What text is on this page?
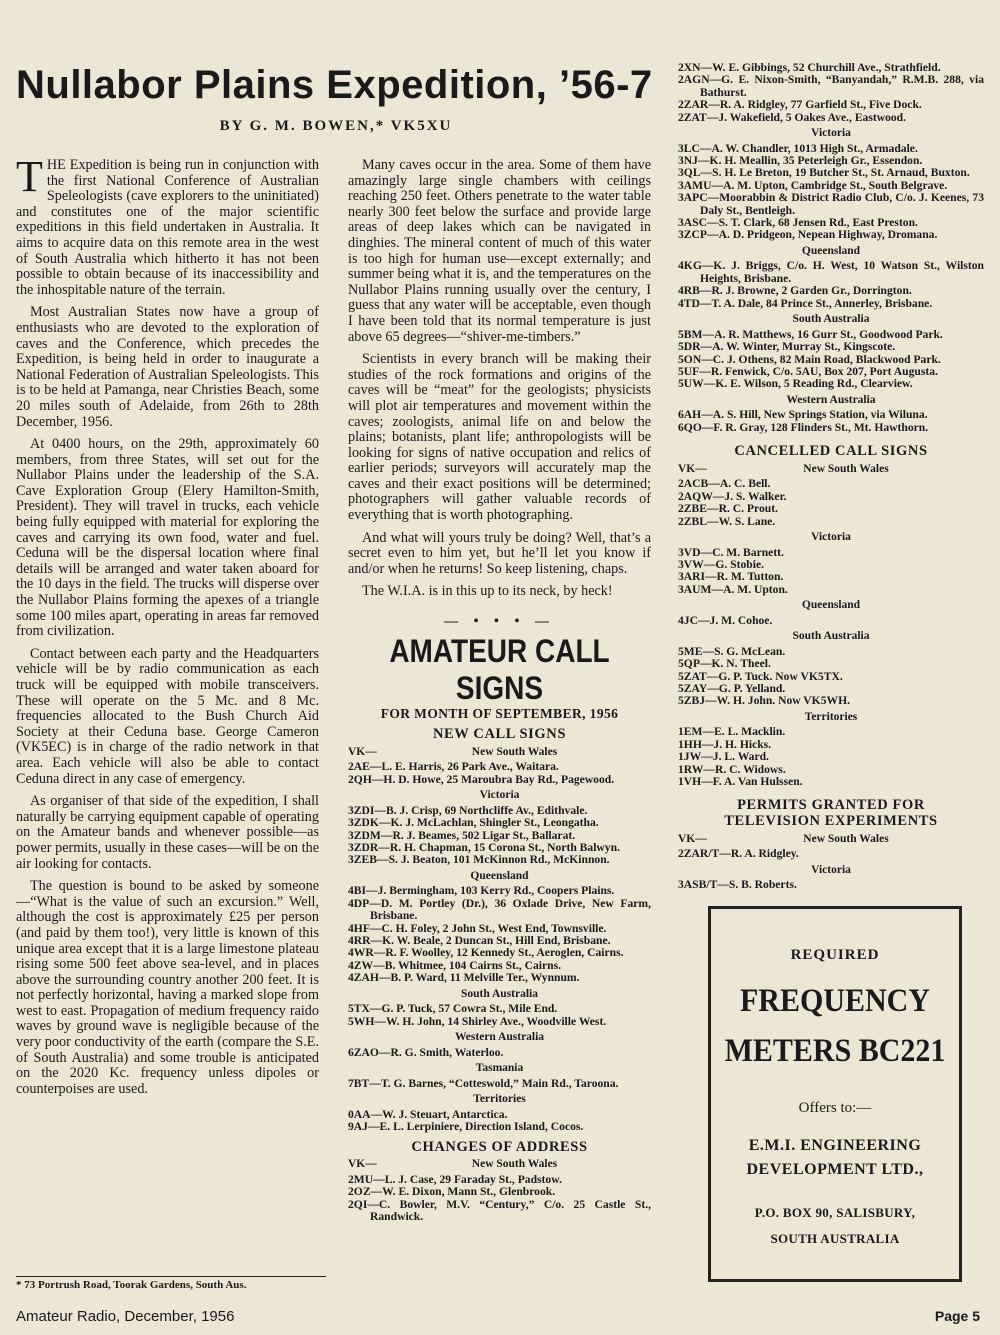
Nullabor Plains Expedition, ’56-7
BY G. M. BOWEN,* VK5XU

THE Expedition is being run in conjunction with the first National Conference of Australian Speleologists (cave explorers to the uninitiated) and constitutes one of the major scientific expeditions in this field undertaken in Australia. It aims to acquire data on this remote area in the west of South Australia which hitherto it has not been possible to obtain because of its inaccessibility and the inhospitable nature of the terrain.

Most Australian States now have a group of enthusiasts who are devoted to the exploration of caves and the Conference, which precedes the Expedition, is being held in order to inaugurate a National Federation of Australian Speleologists. This is to be held at Pamanga, near Christies Beach, some 20 miles south of Adelaide, from 26th to 28th December, 1956.

At 0400 hours, on the 29th, approximately 60 members, from three States, will set out for the Nullabor Plains under the leadership of the S.A. Cave Exploration Group (Elery Hamilton-Smith, President). They will travel in trucks, each vehicle being fully equipped with material for exploring the caves and carrying its own food, water and fuel. Ceduna will be the dispersal location where final details will be arranged and water taken aboard for the 10 days in the field. The trucks will disperse over the Nullabor Plains forming the apexes of a triangle some 100 miles apart, operating in areas far removed from civilization.

Contact between each party and the Headquarters vehicle will be by radio communication as each truck will be equipped with mobile transceivers. These will operate on the 5 Mc. and 8 Mc. frequencies allocated to the Bush Church Aid Society at their Ceduna base. George Cameron (VK5EC) is in charge of the radio network in that area. Each vehicle will also be able to contact Ceduna direct in any case of emergency.

As organiser of that side of the expedition, I shall naturally be carrying equipment capable of operating on the Amateur bands and whenever possible—as power permits, usually in these cases—will be on the air looking for contacts.

The question is bound to be asked by someone—“What is the value of such an excursion.” Well, although the cost is approximately £25 per person (and paid by them too!), very little is known of this unique area except that it is a large limestone plateau rising some 500 feet above sea-level, and in places above the surrounding country another 200 feet. It is not perfectly horizontal, having a marked slope from west to east. Propagation of medium frequency raido waves by ground wave is negligible because of the very poor conductivity of the earth (compare the S.E. of South Australia) and some trouble is anticipated on the 2020 Kc. frequency unless dipoles or counterpoises are used.

* 73 Portrush Road, Toorak Gardens, South Aus.

Many caves occur in the area. Some of them have amazingly large single chambers with ceilings reaching 250 feet. Others penetrate to the water table nearly 300 feet below the surface and provide large areas of deep lakes which can be navigated in dinghies. The mineral content of much of this water is too high for human use—except externally; and summer being what it is, and the temperatures on the Nullabor Plains running usually over the century, I guess that any water will be acceptable, even though I have been told that its normal temperature is just above 65 degrees—“shiver-me-timbers.”

Scientists in every branch will be making their studies of the rock formations and origins of the caves will be “meat” for the geologists; physicists will plot air temperatures and movement within the caves; zoologists, animal life on and below the plains; botanists, plant life; anthropologists will be looking for signs of native occupation and relics of earlier periods; surveyors will accurately map the caves and their exact positions will be determined; photographers will gather valuable records of everything that is worth photographing.

And what will yours truly be doing? Well, that’s a secret even to him yet, but he’ll let you know if and/or when he returns! So keep listening, chaps.

The W.I.A. is in this up to its neck, by heck!

— • • • —
AMATEUR CALL SIGNS
FOR MONTH OF SEPTEMBER, 1956
NEW CALL SIGNS
VK—	New South Wales
2AE—L. E. Harris, 26 Park Ave., Waitara.
2QH—H. D. Howe, 25 Maroubra Bay Rd., Pagewood.
Victoria
3ZDI—B. J. Crisp, 69 Northcliffe Av., Edithvale.
3ZDK—K. J. McLachlan, Shingler St., Leongatha.
3ZDM—R. J. Beames, 502 Ligar St., Ballarat.
3ZDR—R. H. Chapman, 15 Corona St., North Balwyn.
3ZEB—S. J. Beaton, 101 McKinnon Rd., McKinnon.
Queensland
4BI—J. Bermingham, 103 Kerry Rd., Coopers Plains.
4DP—D. M. Portley (Dr.), 36 Oxlade Drive, New Farm, Brisbane.
4HF—C. H. Foley, 2 John St., West End, Townsville.
4RR—K. W. Beale, 2 Duncan St., Hill End, Brisbane.
4WR—R. F. Woolley, 12 Kennedy St., Aeroglen, Cairns.
4ZW—B. Whitmee, 104 Cairns St., Cairns.
4ZAH—B. P. Ward, 11 Melville Ter., Wynnum.
South Australia
5TX—G. P. Tuck, 57 Cowra St., Mile End.
5WH—W. H. John, 14 Shirley Ave., Woodville West.
Western Australia
6ZAO—R. G. Smith, Waterloo.
Tasmania
7BT—T. G. Barnes, “Cotteswold,” Main Rd., Taroona.
Territories
0AA—W. J. Steuart, Antarctica.
9AJ—E. L. Lerpiniere, Direction Island, Cocos.
CHANGES OF ADDRESS
VK—	New South Wales
2MU—L. J. Case, 29 Faraday St., Padstow.
2OZ—W. E. Dixon, Mann St., Glenbrook.
2QI—C. Bowler, M.V. “Century,” C/o. 25 Castle St., Randwick.
2XN—W. E. Gibbings, 52 Churchill Ave., Strathfield.
2AGN—G. E. Nixon-Smith, “Banyandah,” R.M.B. 288, via Bathurst.
2ZAR—R. A. Ridgley, 77 Garfield St., Five Dock.
2ZAT—J. Wakefield, 5 Oakes Ave., Eastwood.
Victoria
3LC—A. W. Chandler, 1013 High St., Armadale.
3NJ—K. H. Meallin, 35 Peterleigh Gr., Essendon.
3QL—S. H. Le Breton, 19 Butcher St., St. Arnaud, Buxton.
3AMU—A. M. Upton, Cambridge St., South Belgrave.
3APC—Moorabbin & District Radio Club, C/o. J. Keenes, 73 Daly St., Bentleigh.
3ASC—S. T. Clark, 68 Jensen Rd., East Preston.
3ZCP—A. D. Pridgeon, Nepean Highway, Dromana.
Queensland
4KG—K. J. Briggs, C/o. H. West, 10 Watson St., Wilston Heights, Brisbane.
4RB—R. J. Browne, 2 Garden Gr., Dorrington.
4TD—T. A. Dale, 84 Prince St., Annerley, Brisbane.
South Australia
5BM—A. R. Matthews, 16 Gurr St., Goodwood Park.
5DR—A. W. Winter, Murray St., Kingscote.
5ON—C. J. Othens, 82 Main Road, Blackwood Park.
5UF—R. Fenwick, C/o. 5AU, Box 207, Port Augusta.
5UW—K. E. Wilson, 5 Reading Rd., Clearview.
Western Australia
6AH—A. S. Hill, New Springs Station, via Wiluna.
6QO—F. R. Gray, 128 Flinders St., Mt. Hawthorn.
CANCELLED CALL SIGNS
VK—	New South Wales
2ACB—A. C. Bell.
2AQW—J. S. Walker.
2ZBE—R. C. Prout.
2ZBL—W. S. Lane.
Victoria
3VD—C. M. Barnett.
3VW—G. Stobie.
3ARI—R. M. Tutton.
3AUM—A. M. Upton.
Queensland
4JC—J. M. Cohoe.
South Australia
5ME—S. G. McLean.
5QP—K. N. Theel.
5ZAT—G. P. Tuck. Now VK5TX.
5ZAY—G. P. Yelland.
5ZBJ—W. H. John. Now VK5WH.
Territories
1EM—E. L. Macklin.
1HH—J. H. Hicks.
1JW—J. L. Ward.
1RW—R. C. Widows.
1VH—F. A. Van Hulssen.
PERMITS GRANTED FOR
TELEVISION EXPERIMENTS
VK—	New South Wales
2ZAR/T—R. A. Ridgley.
Victoria
3ASB/T—S. B. Roberts.
REQUIRED
FREQUENCY
METERS BC221
Offers to:—
E.M.I. ENGINEERING
DEVELOPMENT LTD.,
P.O. BOX 90, SALISBURY,
SOUTH AUSTRALIA
Amateur Radio, December, 1956	Page 5
